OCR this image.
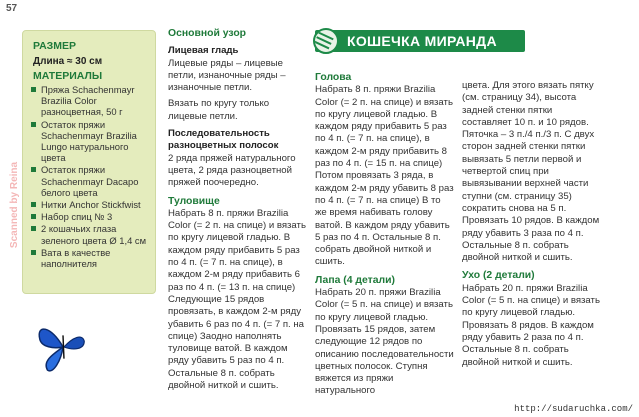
57
Scanned by Reina
РАЗМЕР
Длина ≈ 30 см
МАТЕРИАЛЫ
Пряжа Schachenmayr Brazilia Color разноцветная, 50 г
Остаток пряжи Schachenmayr Brazilia Lungo натурального цвета
Остаток пряжи Schachenmayr Dacapo белого цвета
Нитки Anchor Stickfwist
Набор спиц № 3
2 кошачьих глаза зеленого цвета Ø 1,4 см
Вата в качестве наполнителя

Основной узор

Лицевая гладь

Лицевые ряды – лицевые петли, изнаночные ряды – изнаночные петли.

Вязать по кругу только лицевые петли.

Последовательность разноцветных полосок

2 ряда пряжей натурального цвета, 2 ряда разноцветной пряжей поочередно.

Туловище

Набрать 8 п. пряжи Brazilia Color (= 2 п. на спице) и вязать по кругу лицевой гладью. В каждом ряду прибавить 5 раз по 4 п. (= 7 п. на спице), в каждом 2-м ряду прибавить 6 раз по 4 п. (= 13 п. на спице) Следующие 15 рядов провязать, в каждом 2-м ряду убавить 6 раз по 4 п. (= 7 п. на спице) Заодно наполнять туловище ватой. В каждом ряду убавить 5 раз по 4 п. Остальные 8 п. собрать двойной ниткой и сшить.

КОШЕЧКА МИРАНДА

Голова

Набрать 8 п. пряжи Brazilia Color (= 2 п. на спице) и вязать по кругу лицевой гладью. В каждом ряду прибавить 5 раз по 4 п. (= 7 п. на спице), в каждом 2-м ряду прибавить 8 раз по 4 п. (= 15 п. на спице) Потом провязать 3 ряда, в каждом 2-м ряду убавить 8 раз по 4 п. (= 7 п. на спице) В то же время набивать голову ватой. В каждом ряду убавить 5 раз по 4 п. Остальные 8 п. собрать двойной ниткой и сшить.

Лапа (4 детали)

Набрать 20 п. пряжи Brazilia Color (= 5 п. на спице) и вязать по кругу лицевой гладью. Провязать 15 рядов, затем следующие 12 рядов по описанию последовательности цветных полосок. Ступня вяжется из пряжи натурального

цвета. Для этого вязать пятку (см. страницу 34), высота задней стенки пятки составляет 10 п. и 10 рядов. Пяточка – 3 п./4 п./3 п. С двух сторон задней стенки пятки вывязать 5 петли первой и четвертой спиц при вывязывании верхней части ступни (см. страницу 35) сократить снова на 5 п. Провязать 10 рядов. В каждом ряду убавить 3 раза по 4 п. Остальные 8 п. собрать двойной ниткой и сшить.

Ухо (2 детали)

Набрать 20 п. пряжи Brazilia Color (= 5 п. на спице) и вязать по кругу лицевой гладью. Провязать 8 рядов. В каждом ряду убавить 2 раза по 4 п. Остальные 8 п. собрать двойной ниткой и сшить.

http://sudaruchka.com/
